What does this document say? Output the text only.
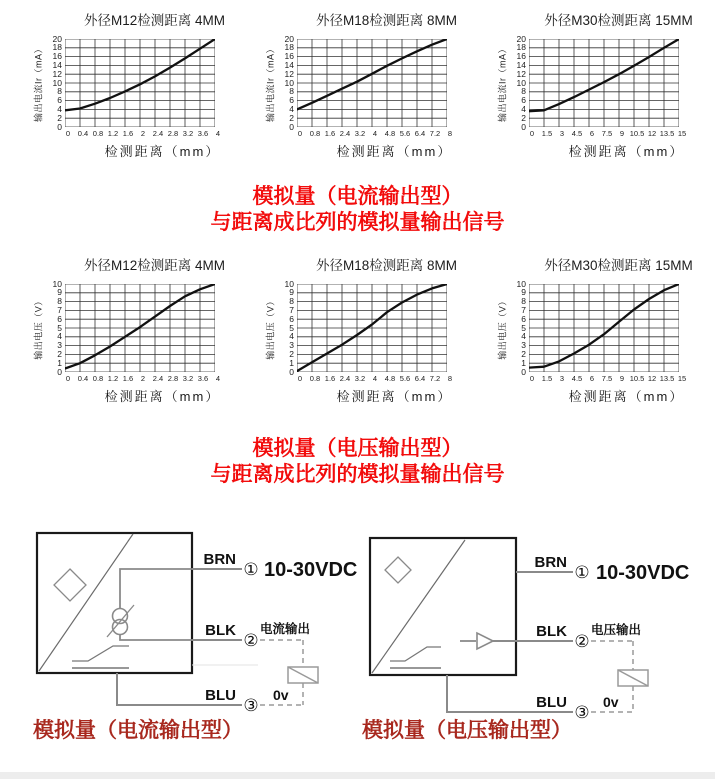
外径M12检测距离 4MM
输出电流Ir（mA）
20
18
16
14
12
10
8
6
4
2
0
0 0.4 0.8 1.2 1.6 2 2.4 2.8 3.2 3.6 4
检测距离（mm）
外径M18检测距离 8MM
输出电流Ir（mA）
20
18
16
14
12
10
8
6
4
2
0
0 0.8 1.6 2.4 3.2 4 4.8 5.6 6.4 7.2 8
检测距离（mm）
外径M30检测距离 15MM
输出电流Ir（mA）
20
18
16
14
12
10
8
6
4
2
0
0 1.5 3 4.5 6 7.5 9 10.5 12 13.5 15
检测距离（mm）
模拟量（电流输出型）
与距离成比列的模拟量输出信号
外径M12检测距离 4MM
输出电压（V）
10
9
8
7
6
5
4
3
2
1
0
0 0.4 0.8 1.2 1.6 2 2.4 2.8 3.2 3.6 4
检测距离（mm）
外径M18检测距离 8MM
输出电压（V）
10
9
8
7
6
5
4
3
2
1
0
0 0.8 1.6 2.4 3.2 4 4.8 5.6 6.4 7.2 8
检测距离（mm）
外径M30检测距离 15MM
输出电压（V）
10
9
8
7
6
5
4
3
2
1
0
0 1.5 3 4.5 6 7.5 9 10.5 12 13.5 15
检测距离（mm）
模拟量（电压输出型）
与距离成比列的模拟量输出信号
BRN
BLK
BLU
①
②
③
10-30VDC
电流输出
0v
BRN
BLK
BLU
①
②
③
10-30VDC
电压输出
0v
模拟量（电流输出型）	模拟量（电压输出型）
